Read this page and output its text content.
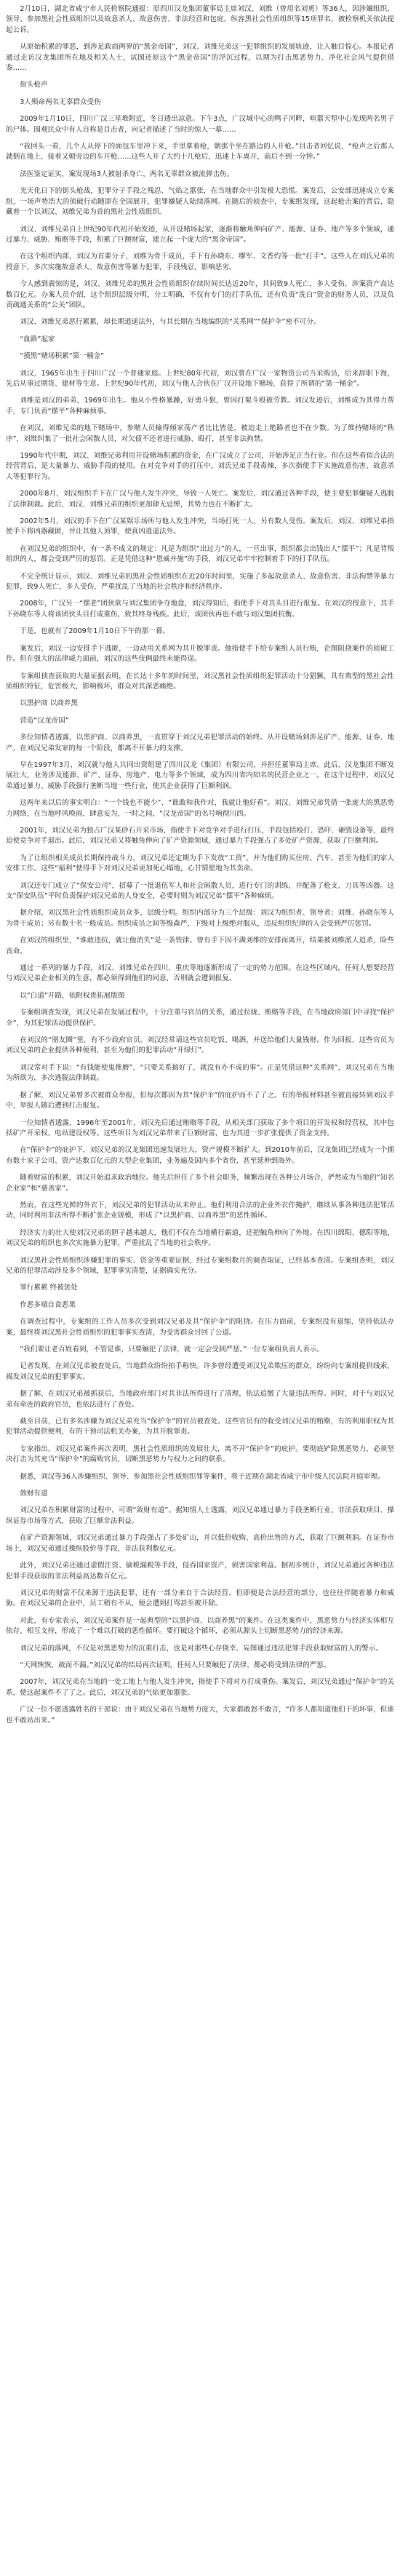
2月10日，湖北省咸宁市人民检察院通报：原四川汉龙集团董事局主席刘汉、刘维（曾用名刘勇）等36人，因涉嫌组织、领导、参加黑社会性质组织以及故意杀人、故意伤害、非法经营和包庇、纵容黑社会性质组织等15项罪名，被检察机关依法提起公诉。

从原始积累的罪恶，到涉足政商两界的“黑金帝国”，刘汉、刘维兄弟这一犯罪组织的发展轨迹，让人触目惊心。本报记者通过走访汉龙集团所在地及相关人士，试图还原这个“黑金帝国”的浮沉过程，以期为打击黑恶势力、净化社会风气提供借鉴……

街头枪声

3人殒命两名无辜群众受伤

2009年1月10日，四川广汉三星堆附近，冬日透出凉意。下午3点，广汉城中心的鸭子河畔，喧嚣天堑中心发现两名男子的尸体。围观民众中有人自称是目击者，向记者描述了当时的惊人一幕……

“我回头一看，几个人从停下的面包车里冲下来，手里拿着枪，朝那个坐在路边的人开枪。”目击者回忆说，“枪声之后那人就倒在地上，接着又朝旁边的车开枪……这些人开了大约十几枪后，迅速上车离开，前后不到一分钟。”

法医鉴定证实，案发现场3人被射杀身亡，两名无辜群众被流弹击伤。

光天化日下的街头枪战，犯罪分子手段之残忍、气焰之嚣张，在当地群众中引发极大恐慌。案发后，公安部迅速成立专案组，一场声势浩大的侦破行动随即在全国展开，犯罪嫌疑人陆续落网。在随后的侦查中，专案组发现，这起枪击案的背后，隐藏着一个以刘汉、刘维兄弟为首的黑社会性质组织。

刘汉、刘维兄弟自上世纪90年代初开始发迹，从开设赌场起家，逐渐将触角伸向矿产、能源、证券、地产等多个领域，通过暴力、威胁、贿赂等手段，积累了巨额财富，建立起一个庞大的“黑金帝国”。

在这个组织内部，刘汉为首要分子，刘维为骨干成员，手下有孙晓东、缪军、文香灼等一批“打手”。这些人在刘氏兄弟的授意下，多次实施故意杀人、故意伤害等暴力犯罪，手段残忍，影响恶劣。

今人感到震惊的是，刘汉、刘维兄弟的黑社会性质组织存续时间长达近20年，其间致9人死亡，多人受伤，涉案资产高达数百亿元。办案人员介绍，这个组织层级分明，分工明确，不仅有专门的打手队伍，还有负责“洗白”资金的财务人员，以及负责疏通关系的“公关”团队。

刘汉、刘维兄弟恶行累累，却长期逍遥法外，与其长期在当地编织的“关系网”“保护伞”密不可分。

“血路”起家

“摸黑”赌场积累“第一桶金”

刘汉，1965年出生于四川广汉一个普通家庭。上世纪80年代初，刘汉曾在广汉一家物资公司当采购员，后来辞职下海，先后从事过期货、建材等生意。上世纪90年代初，刘汉与他人合伙在广汉开设地下赌场，获得了所谓的“第一桶金”。

刘维是刘汉的弟弟，1969年出生。他从小性格暴躁，好勇斗狠，曾因打架斗殴被劳教。刘汉发迹后，刘维成为其得力帮手，专门负责“摆平”各种麻烦事。

在刘汉、刘维兄弟的地下赌场中，参赌人员输得倾家荡产者比比皆是，被迫走上绝路者也不在少数。为了维持赌场的“秩序”，刘维纠集了一批社会闲散人员，对欠债不还者进行威胁、殴打，甚至非法拘禁。

1990年代中期，刘汉、刘维兄弟利用开设赌场积累的资金，在广汉成立了公司，开始涉足正当行业。但在这些看似合法的经营背后，是大量暴力、威胁手段的使用。在对竞争对手的打压中，刘氏兄弟手段毒辣，多次指使手下实施故意伤害、故意杀人等犯罪行为。

2000年8月，刘汉组织手下在广汉与他人发生冲突，导致一人死亡。案发后，刘汉通过各种手段，使主要犯罪嫌疑人逃脱了法律制裁。此后，刘汉、刘维兄弟的组织更加肆无忌惮，其势力也在不断扩大。

2002年5月，刘汉的手下在广汉某娱乐场所与他人发生冲突，当场打死一人，另有数人受伤。案发后，刘汉、刘维兄弟指使手下将凶器藏匿，并让其他人顶罪，使真凶逍遥法外。

在刘汉兄弟的组织中，有一条不成文的规定：凡是为组织“出过力”的人，一旦出事，组织都会出钱出人“摆平”；凡是背叛组织的人，都会受到严厉的惩罚。正是凭借这种“恩威并施”的手段，刘汉兄弟牢牢控制着手下的打手队伍。

不完全统计显示，刘汉、刘维兄弟的黑社会性质组织在近20年时间里，实施了多起故意杀人、故意伤害、非法拘禁等暴力犯罪，致9人死亡，多人受伤，严重扰乱了当地的社会秩序和经济秩序。

2008年，广汉另一“摆老”团伙欲与刘汉集团争夺地盘，刘汉得知后，指使手下对其头目进行报复。在刘汉的授意下，其手下孙晓东等人将该团伙头目打成重伤，致其终身残疾。此后，该团伙再也不敢与刘汉集团抗衡。

于是，也就有了2009年1月10日下午的那一幕。

案发后，刘汉一边安排手下逃匿，一边动用关系网为其开脱罪责。他指使手下给专案组人员行贿，企图阻挠案件的侦破工作。但在强大的法律威力面前，刘汉的这些伎俩最终未能得逞。

专案组侦查获取的大量证据表明，在长达十多年的时间里，刘汉黑社会性质组织犯罪活动十分猖獗，具有典型的黑社会性质组织特征，危害极大，影响极坏，群众对其深恶痛绝。

以黑护商 以商养黑

营造“汉龙帝国”

多位知情者透露，以黑护商、以商养黑，一直贯穿于刘汉兄弟犯罪活动的始终。从开设赌场到涉足矿产、能源、证券、地产，在刘汉兄弟发家的每一个阶段，都离不开暴力的支撑。

早在1997年3月，刘汉就与他人共同出资组建了四川汉龙（集团）有限公司，并担任董事局主席。此后，汉龙集团不断发展壮大，业务涉及能源、矿产、证券、房地产、电力等多个领域，成为四川省内知名的民营企业之一。在这个过程中，刘汉兄弟通过暴力、威胁手段强行垄断当地一些行业，使其企业获得了巨额利润。

这两年来以后的事实明白：“一个钱也不能少”、“谁敢和我作对，我就让他好看”。刘汉、刘维兄弟凭借一张庞大的黑恶势力网络，在当地呼风唤雨，肆意妄为，一时之间，“汉龙帝国”的名号响彻川西。

2001年，刘汉兄弟为独占广汉某砂石开采市场，指使手下对竞争对手进行打压，手段包括殴打、恐吓、砸毁设备等，最终迫使竞争对手退出。此后，刘汉兄弟又将触角伸向了矿产资源领域，通过暴力手段强占了多处矿产资源，获取了巨额利润。

为了让组织相关成员长期保持战斗力，刘汉兄弟还定期为手下发放“工资”，并为他们购买住房、汽车，甚至为他们的家人安排工作。这些“福利”使得手下对刘汉兄弟更加死心塌地，心甘情愿地为其卖命。

刘汉还专门成立了“保安公司”，招募了一批退伍军人和社会闲散人员，进行专门的训练，并配备了枪支、刀具等凶器。这支“保安队伍”平时负责保护刘汉兄弟的人身安全，必要时则为刘汉兄弟“摆平”各种麻烦。

据介绍，刘汉黑社会性质组织成员众多，层级分明。组织内部分为三个层级：刘汉为组织者、领导者；刘维、孙晓东等人为骨干成员；另有数十名一般成员。组织成员之间等级森严，下级对上级绝对服从，违反组织纪律的人会受到严厉惩罚。

在刘汉的组织里，“谁敢违抗，就让他消失”是一条铁律。曾有手下因不满刘维的安排而离开，结果被刘维派人追杀，险些丧命。

通过一系列的暴力手段，刘汉、刘维兄弟在四川、重庆等地逐渐形成了一定的势力范围。在这些区域内，任何人想要经营与刘汉兄弟企业相关的生意，都必须得到他们的同意，否则就会遭到报复。

以“白道”开路，依附权贵拓展版图

专案组调查发现，刘汉兄弟在发展过程中，十分注重与官员的关系，通过拉拢、贿赂等手段，在当地政府部门中寻找“保护伞”，为其犯罪活动提供保护。

在刘汉的“朋友圈”里，有不少政府官员。刘汉经常请这些官员吃饭、喝酒，并送给他们大量钱财。作为回报，这些官员为刘汉兄弟的企业提供各种便利，甚至为他们的犯罪活动“开绿灯”。

刘汉常对手下说：“有钱能使鬼推磨”，“只要关系搞好了，就没有办不成的事”。正是凭借这种“关系网”，刘汉兄弟在当地为所欲为，多次逃脱法律制裁。

据了解，刘汉兄弟曾多次被群众举报，但每次都因为其“保护伞”的庇护而不了了之。有的举报材料甚至被直接转到刘汉手中，举报人随后遭到打击报复。

一位知情者透露，1996年至2001年，刘汉先后通过贿赂等手段，从相关部门获取了多个项目的开发权和经营权，其中包括矿产开采权、电站建设权等。这些项目为刘汉兄弟带来了巨额财富，也为其进一步扩张提供了资金支持。

在“保护伞”的庇护下，刘汉兄弟的汉龙集团迅速发展壮大，资产规模不断扩大。到2010年前后，汉龙集团已经成为一个拥有数十家子公司、资产达数百亿元的大型企业集团，业务遍及国内多个省份，甚至延伸到海外。

随着财富的积累，刘汉开始追求政治地位。他先后担任了多个社会职务，频繁出现在各种公开场合，俨然成为当地的“知名企业家”和“慈善家”。

然而，在这些光鲜的外衣下，刘汉兄弟的犯罪活动从未停止。他们利用合法的企业外衣作掩护，继续从事各种违法犯罪活动，同时利用非法所得不断扩张企业规模，形成了“以黑护商、以商养黑”的恶性循环。

经济实力的壮大使刘汉兄弟的胆子越来越大，他们不仅在当地横行霸道，还把触角伸向了外地。在四川绵阳、德阳等地，刘汉兄弟的组织也多次实施暴力犯罪，严重扰乱了当地的社会秩序。

刘汉黑社会性质组织涉嫌犯罪的事实、资金等重要证据，经过专案组数月的调查取证，已经基本查清。专案组查明，刘汉兄弟的犯罪活动涉及多个领域，犯罪事实清楚，证据确实充分。

罪行累累 终被惩处

作恶多端自食恶果

在调查过程中，专案组的工作人员多次受到刘汉兄弟及其“保护伞”的阻挠。在压力面前，专案组没有退缩，坚持依法办案，最终将刘汉黑社会性质组织的犯罪事实查清，为受害群众讨回了公道。

“我们要让老百姓看到，不管是谁，只要触犯了法律，就一定会受到严惩。”一位专案组负责人表示。

记者发现，在刘汉兄弟被查处后，当地群众纷纷拍手称快。许多曾经遭受刘汉兄弟欺压的群众，纷纷向专案组提供线索，揭发刘汉兄弟的犯罪事实。

据了解，在刘汉兄弟被抓获后，当地政府部门对其非法所得进行了清理，依法追缴了大量违法所得。同时，对于与刘汉兄弟有牵连的政府官员，也依法进行了查处。

截至目前，已有多名涉嫌为刘汉兄弟充当“保护伞”的官员被查处。这些官员有的收受刘汉兄弟的贿赂，有的利用职权为其犯罪活动提供便利，有的干预司法机关办案，为其开脱罪责。

专家指出，刘汉兄弟案件再次表明，黑社会性质组织的发展壮大，离不开“保护伞”的庇护。要彻底铲除黑恶势力，必须坚决打击为其充当“保护伞”的腐败官员，切断黑恶势力与权力之间的联系。

据悉，刘汉等36人涉嫌组织、领导、参加黑社会性质组织罪等案件，将于近期在湖北省咸宁市中级人民法院开庭审理。

敛财有道

刘汉兄弟在积累财富的过程中，可谓“敛财有道”。据知情人士透露，刘汉兄弟通过暴力手段垄断行业、非法获取项目、操纵证券市场等方式，获取了巨额非法利益。

在矿产资源领域，刘汉兄弟通过暴力手段强占了多处矿山，并以低价收购、高价出售的方式，获取了巨额利润。在证券市场上，刘汉兄弟通过操纵股价等手段，非法获利数亿元。

此外，刘汉兄弟还通过虚假注资、偷税漏税等手段，侵吞国家资产，损害国家利益。据初步统计，刘汉兄弟通过各种违法犯罪手段获取的非法利益高达数百亿元。

刘汉兄弟的财富不仅来源于违法犯罪，还有一部分来自于合法经营。但即便是合法经营的部分，也往往伴随着暴力和威胁。在刘汉兄弟的企业中，员工稍有不从，便会遭到打骂甚至被开除。

对此，有专家表示，刘汉兄弟案件是一起典型的“以黑护商、以商养黑”的案件。在这类案件中，黑恶势力与经济实体相互依存、相互支持，形成了一个难以打破的恶性循环。要打破这个循环，必须从源头上切断黑恶势力的经济来源。

刘汉兄弟的落网，不仅是对黑恶势力的沉重打击，也是对那些心存侥幸、妄图通过违法犯罪手段获取财富的人的警示。

“天网恢恢，疏而不漏。”刘汉兄弟的结局再次证明，任何人只要触犯了法律，都必将受到法律的严惩。

2007年，刘汉兄弟在当地的一处工地上与他人发生冲突，指使手下将对方打成重伤。案发后，刘汉兄弟通过“保护伞”的关系，使这起案件不了了之。此后，刘汉兄弟的气焰更加嚣张。

广汉一位不愿透露姓名的干部说：由于刘汉兄弟在当地势力庞大，大家都敢怒不敢言，“许多人都知道他们干的坏事，但谁也不敢站出来。”
